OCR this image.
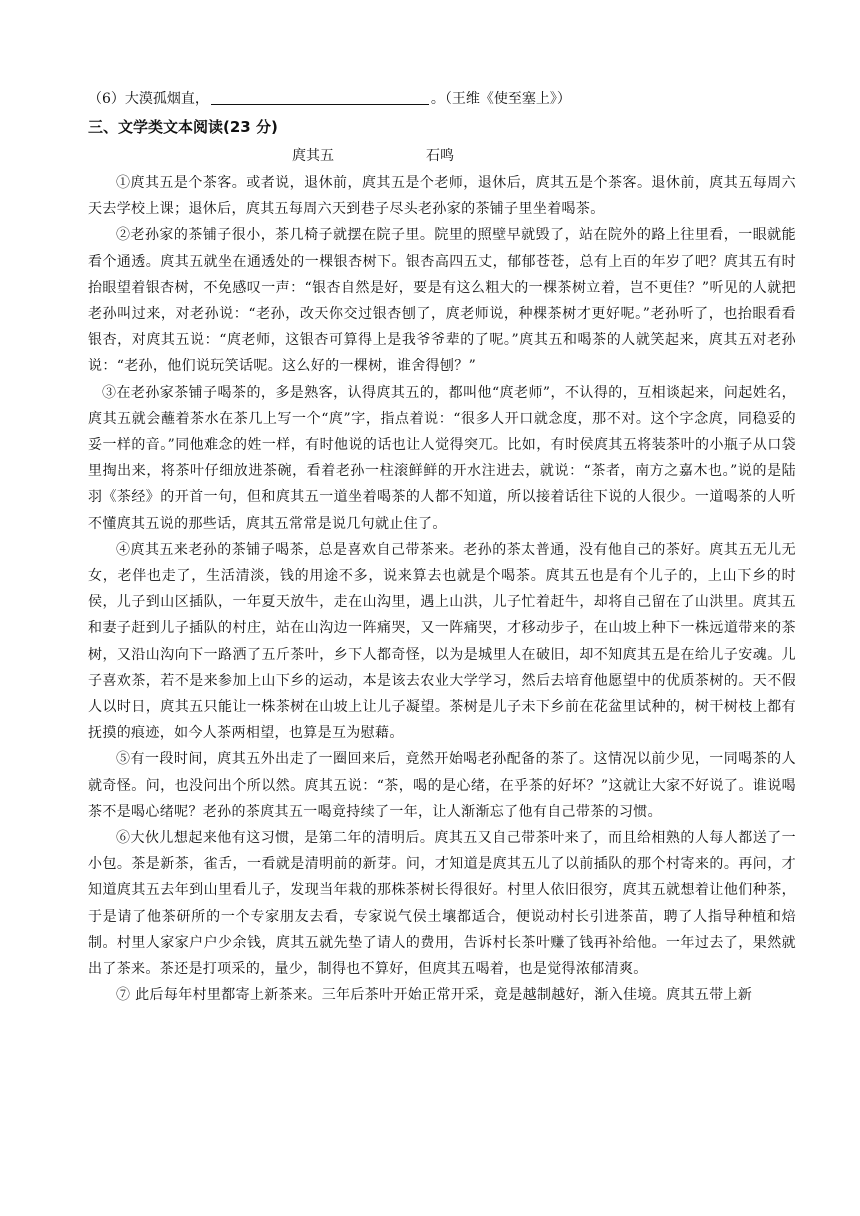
（6）大漠孤烟直，	。（王维《使至塞上》）
三、文学类文本阅读(23 分)
庹其五	石鸣

①庹其五是个茶客。或者说，退休前，庹其五是个老师，退休后，庹其五是个茶客。退休前，庹其五每周六天去学校上课；退休后，庹其五每周六天到巷子尽头老孙家的茶铺子里坐着喝茶。

②老孙家的茶铺子很小，茶几椅子就摆在院子里。院里的照壁早就毁了，站在院外的路上往里看，一眼就能看个通透。庹其五就坐在通透处的一棵银杏树下。银杏高四五丈，郁郁苍苍，总有上百的年岁了吧？庹其五有时抬眼望着银杏树，不免感叹一声：“银杏自然是好，要是有这么粗大的一棵茶树立着，岂不更佳？”听见的人就把老孙叫过来，对老孙说：“老孙，改天你交过银杏刨了，庹老师说，种棵茶树才更好呢。”老孙听了，也抬眼看看银杏，对庹其五说：“庹老师，这银杏可算得上是我爷爷辈的了呢。”庹其五和喝茶的人就笑起来，庹其五对老孙说：“老孙，他们说玩笑话呢。这么好的一棵树，谁舍得刨？”

③在老孙家茶铺子喝茶的，多是熟客，认得庹其五的，都叫他“庹老师”，不认得的，互相谈起来，问起姓名，庹其五就会蘸着茶水在茶几上写一个“庹”字，指点着说：“很多人开口就念度，那不对。这个字念庹，同稳妥的妥一样的音。”同他难念的姓一样，有时他说的话也让人觉得突兀。比如，有时侯庹其五将装茶叶的小瓶子从口袋里掏出来，将茶叶仔细放进茶碗，看着老孙一柱滚鲜鲜的开水注进去，就说：“茶者，南方之嘉木也。”说的是陆羽《茶经》的开首一句，但和庹其五一道坐着喝茶的人都不知道，所以接着话往下说的人很少。一道喝茶的人听不懂庹其五说的那些话，庹其五常常是说几句就止住了。

④庹其五来老孙的茶铺子喝茶，总是喜欢自己带茶来。老孙的茶太普通，没有他自己的茶好。庹其五无儿无女，老伴也走了，生活清淡，钱的用途不多，说来算去也就是个喝茶。庹其五也是有个儿子的，上山下乡的时侯，儿子到山区插队，一年夏天放牛，走在山沟里，遇上山洪，儿子忙着赶牛，却将自己留在了山洪里。庹其五和妻子赶到儿子插队的村庄，站在山沟边一阵痛哭，又一阵痛哭，才移动步子，在山坡上种下一株远道带来的茶树，又沿山沟向下一路洒了五斤茶叶，乡下人都奇怪，以为是城里人在破旧，却不知庹其五是在给儿子安魂。儿子喜欢茶，若不是来参加上山下乡的运动，本是该去农业大学学习，然后去培育他愿望中的优质茶树的。天不假人以时日，庹其五只能让一株茶树在山坡上让儿子凝望。茶树是儿子未下乡前在花盆里试种的，树干树枝上都有抚摸的痕迹，如今人茶两相望，也算是互为慰藉。

⑤有一段时间，庹其五外出走了一圈回来后，竟然开始喝老孙配备的茶了。这情况以前少见，一同喝茶的人就奇怪。问，也没问出个所以然。庹其五说：“茶，喝的是心绪，在乎茶的好坏？”这就让大家不好说了。谁说喝茶不是喝心绪呢？老孙的茶庹其五一喝竟持续了一年，让人渐渐忘了他有自己带茶的习惯。

⑥大伙儿想起来他有这习惯，是第二年的清明后。庹其五又自己带茶叶来了，而且给相熟的人每人都送了一小包。茶是新茶，雀舌，一看就是清明前的新芽。问，才知道是庹其五儿了以前插队的那个村寄来的。再问，才知道庹其五去年到山里看儿子，发现当年栽的那株茶树长得很好。村里人依旧很穷，庹其五就想着让他们种茶，于是请了他茶研所的一个专家朋友去看，专家说气侯土壤都适合，便说动村长引进茶苗，聘了人指导种植和焙制。村里人家家户户少余钱，庹其五就先垫了请人的费用，告诉村长茶叶赚了钱再补给他。一年过去了，果然就出了茶来。茶还是打项采的，量少，制得也不算好，但庹其五喝着，也是觉得浓郁清爽。

⑦ 此后每年村里都寄上新茶来。三年后茶叶开始正常开采，竟是越制越好，渐入佳境。庹其五带上新
